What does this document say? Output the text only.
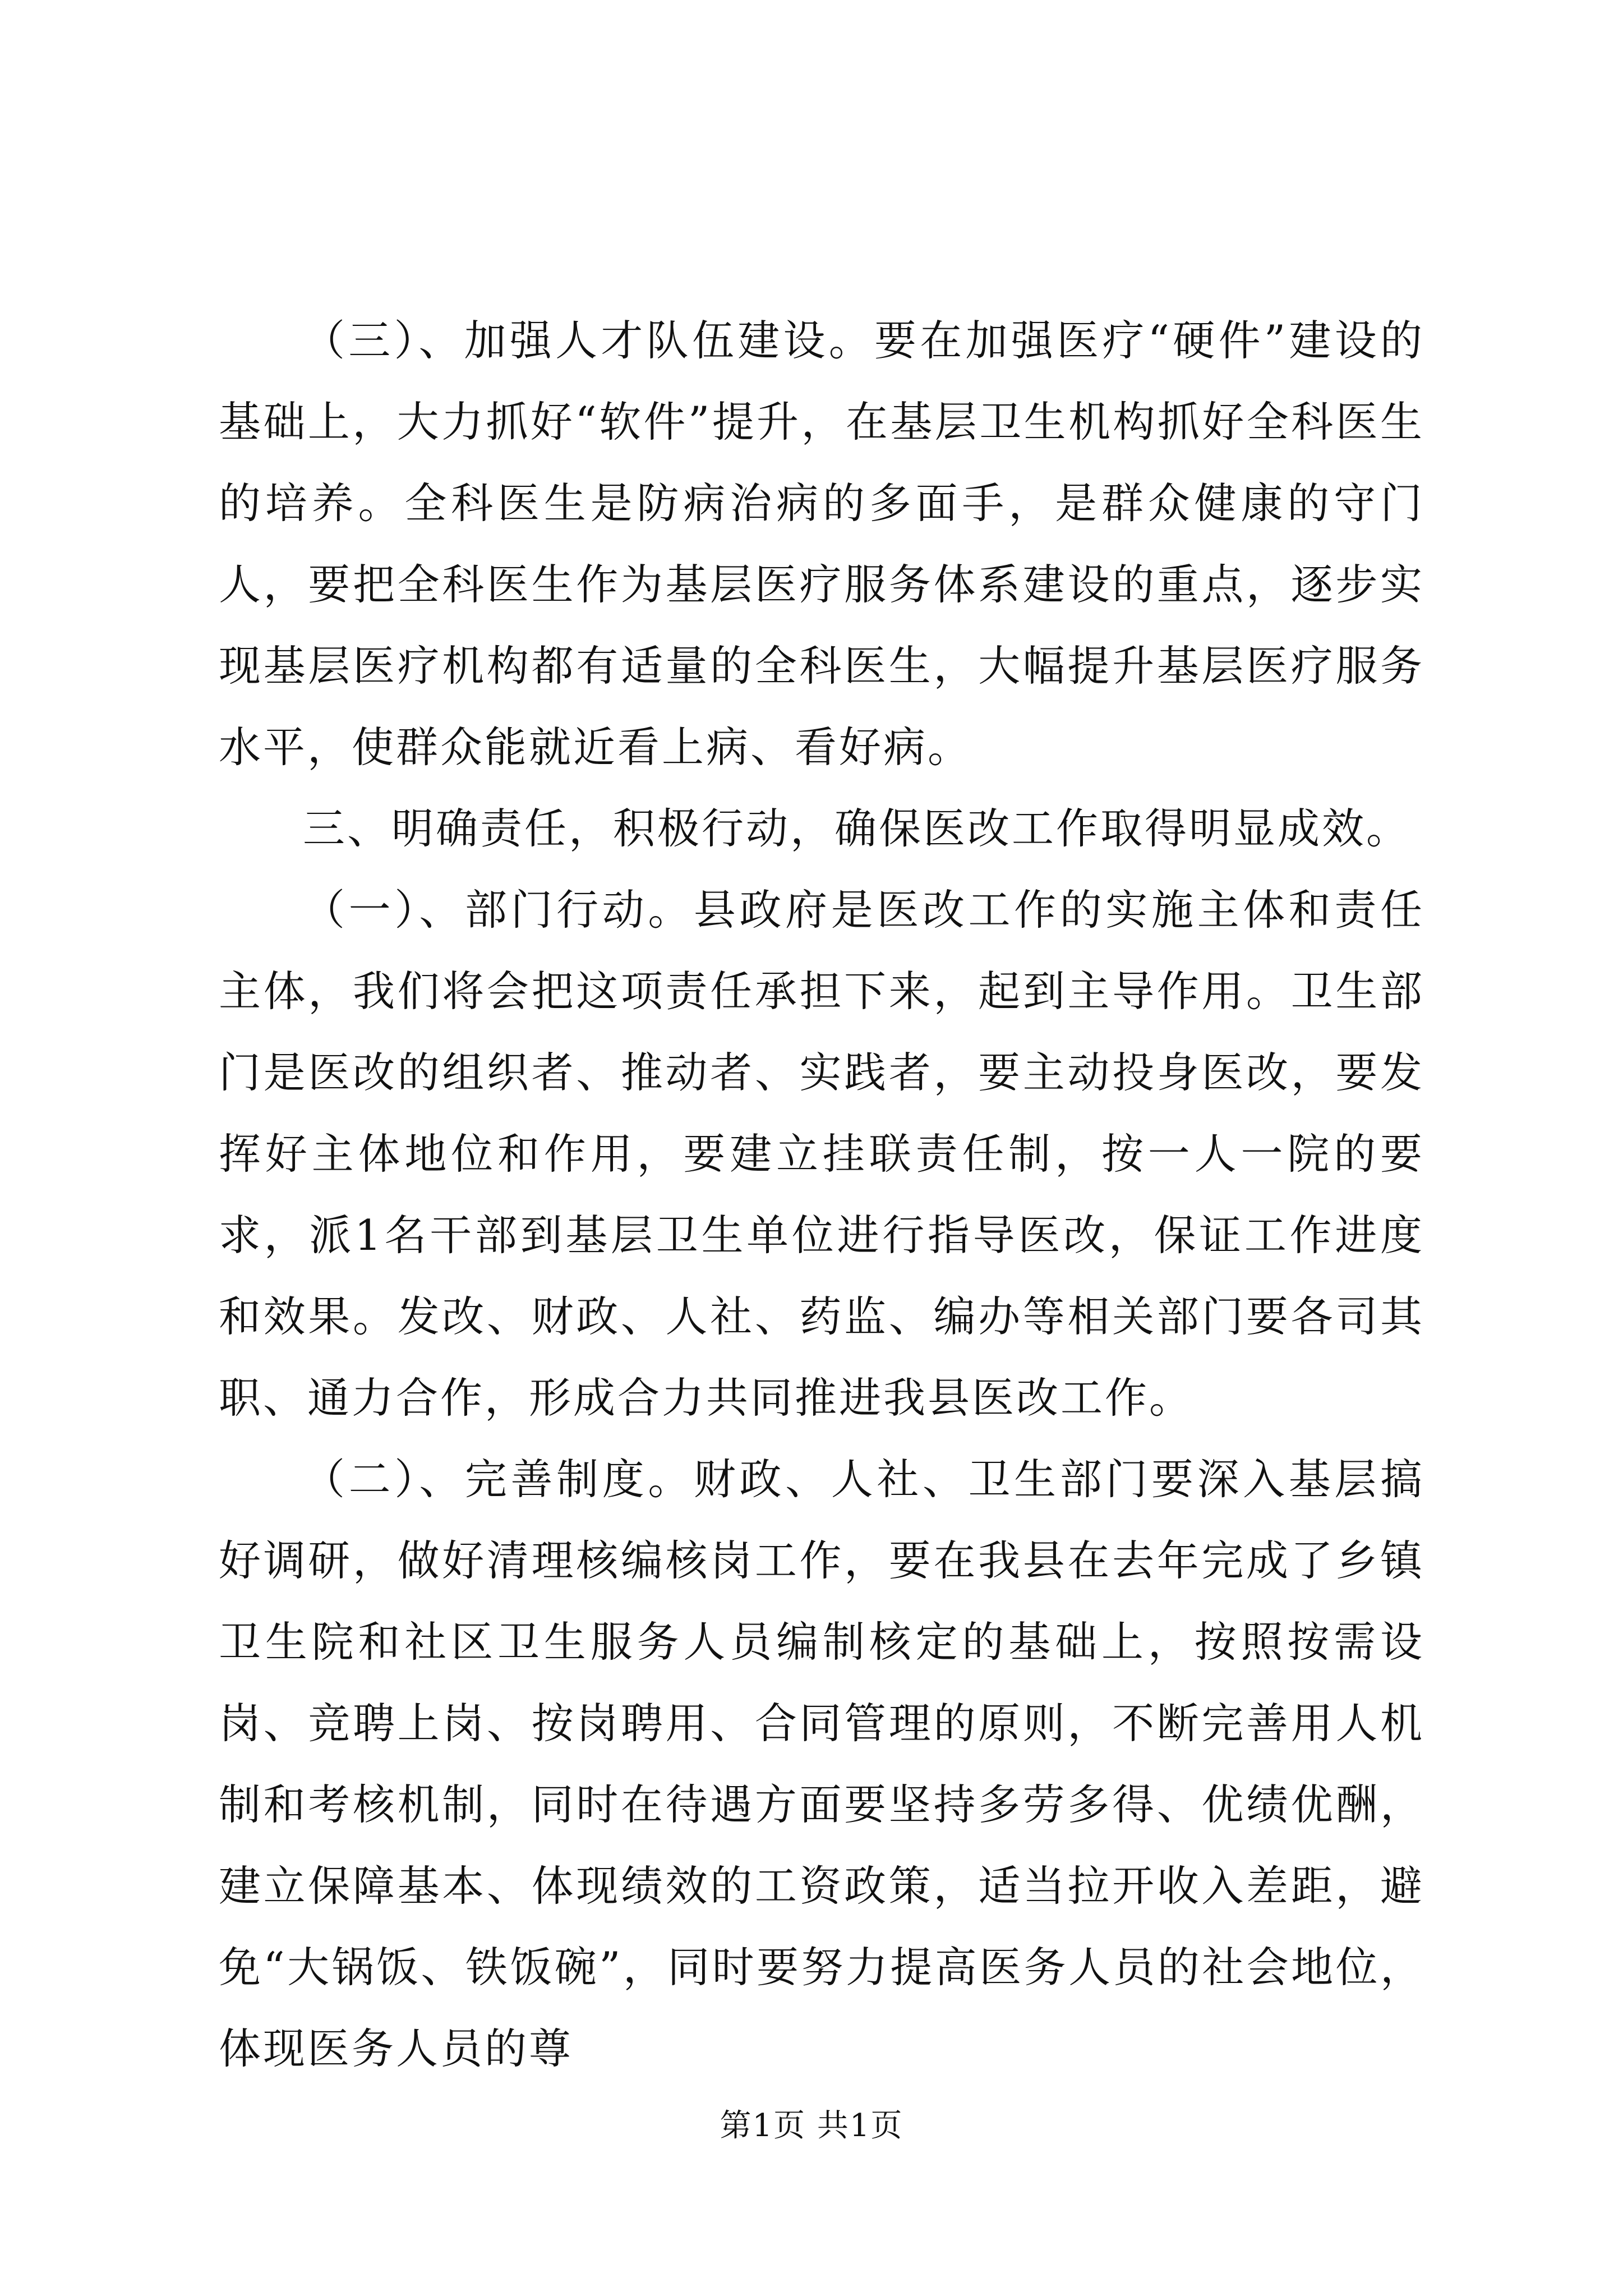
（三）、加强人才队伍建设。要在加强医疗“硬件”建设的基础上，大力抓好“软件”提升，在基层卫生机构抓好全科医生的培养。全科医生是防病治病的多面手，是群众健康的守门人，要把全科医生作为基层医疗服务体系建设的重点，逐步实现基层医疗机构都有适量的全科医生，大幅提升基层医疗服务水平，使群众能就近看上病、看好病。

三、明确责任，积极行动，确保医改工作取得明显成效。

（一）、部门行动。县政府是医改工作的实施主体和责任主体，我们将会把这项责任承担下来，起到主导作用。卫生部门是医改的组织者、推动者、实践者，要主动投身医改，要发挥好主体地位和作用，要建立挂联责任制，按一人一院的要求，派1名干部到基层卫生单位进行指导医改，保证工作进度和效果。发改、财政、人社、药监、编办等相关部门要各司其职、通力合作，形成合力共同推进我县医改工作。

（二）、完善制度。财政、人社、卫生部门要深入基层搞好调研，做好清理核编核岗工作，要在我县在去年完成了乡镇卫生院和社区卫生服务人员编制核定的基础上，按照按需设岗、竞聘上岗、按岗聘用、合同管理的原则，不断完善用人机制和考核机制，同时在待遇方面要坚持多劳多得、优绩优酬，建立保障基本、体现绩效的工资政策，适当拉开收入差距，避免“大锅饭、铁饭碗”，同时要努力提高医务人员的社会地位，体现医务人员的尊

第1页 共1页
